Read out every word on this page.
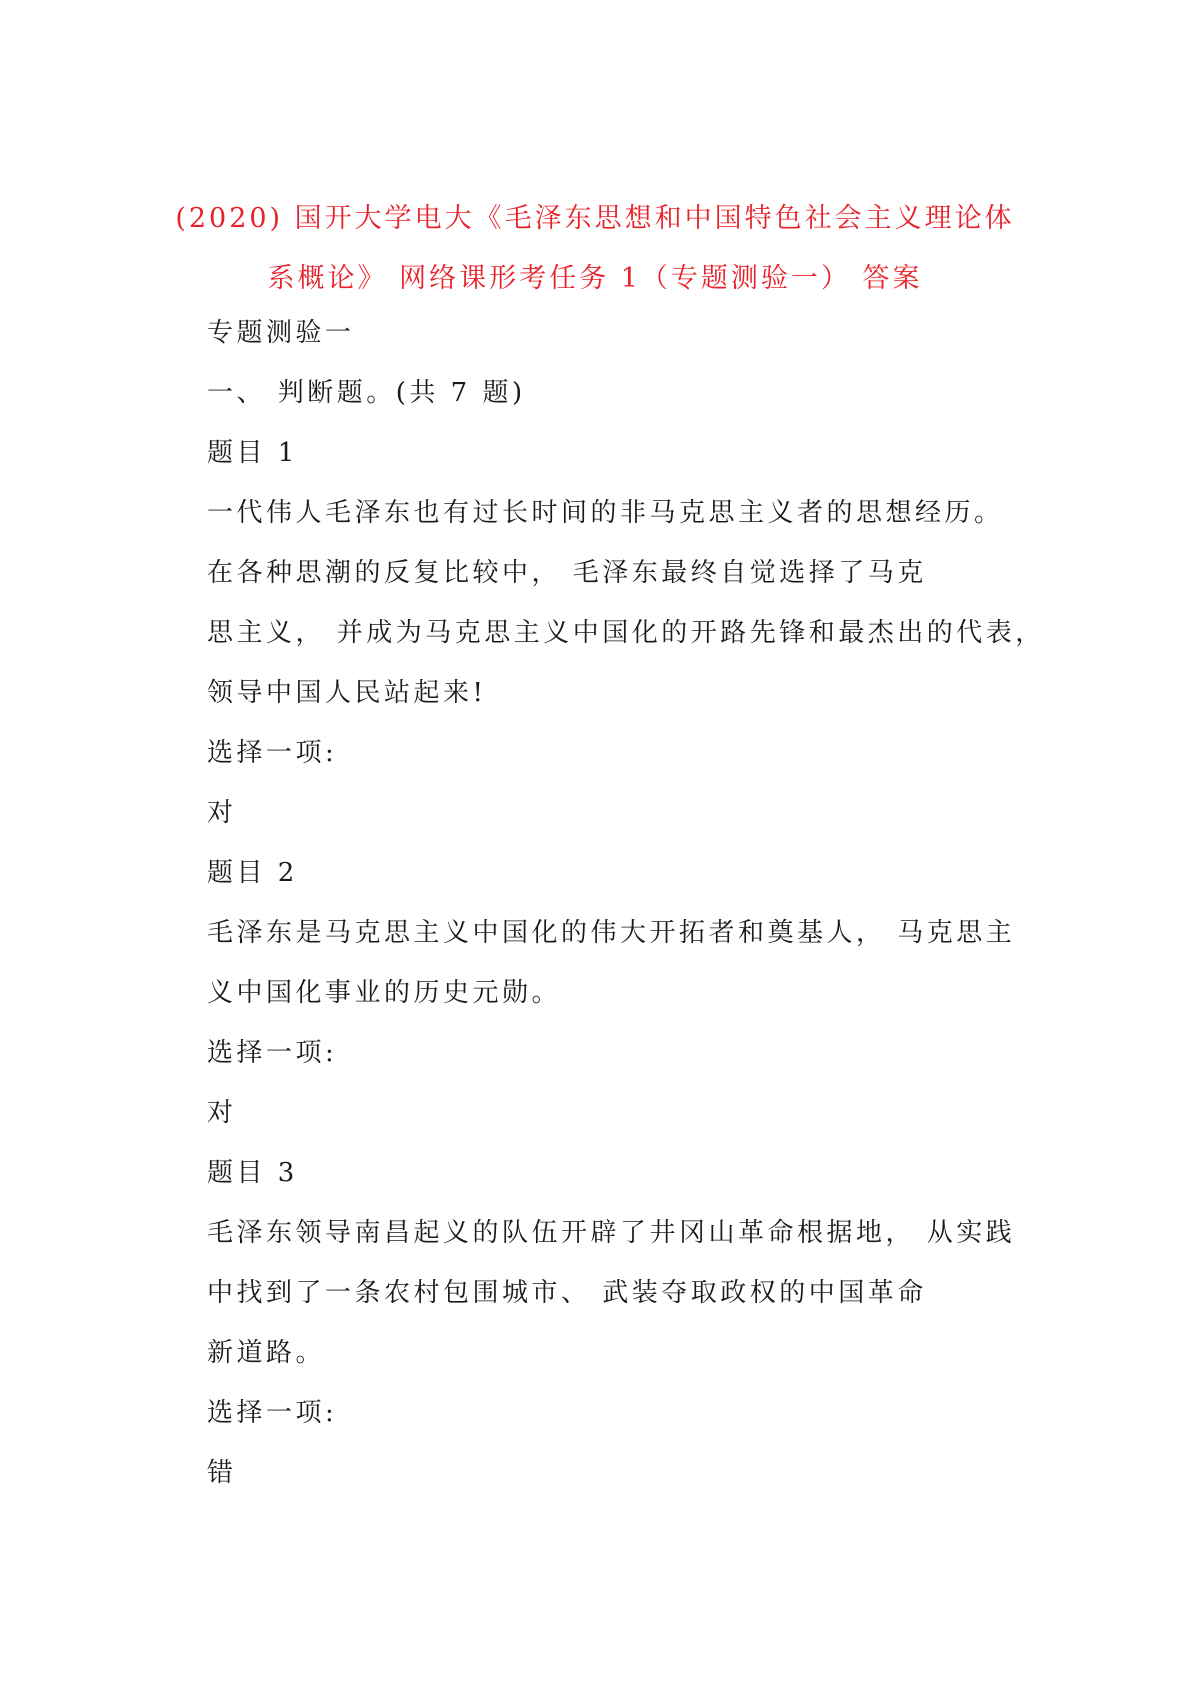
(2020) 国开大学电大《毛泽东思想和中国特色社会主义理论体
系概论》 网络课形考任务 1（专题测验一） 答案
专题测验一
一、 判断题。(共 7 题)
题目 1
一代伟人毛泽东也有过长时间的非马克思主义者的思想经历。
在各种思潮的反复比较中， 毛泽东最终自觉选择了马克
思主义， 并成为马克思主义中国化的开路先锋和最杰出的代表，
领导中国人民站起来!
选择一项:
对
题目 2
毛泽东是马克思主义中国化的伟大开拓者和奠基人， 马克思主
义中国化事业的历史元勋。
选择一项:
对
题目 3
毛泽东领导南昌起义的队伍开辟了井冈山革命根据地， 从实践
中找到了一条农村包围城市、 武装夺取政权的中国革命
新道路。
选择一项:
错
